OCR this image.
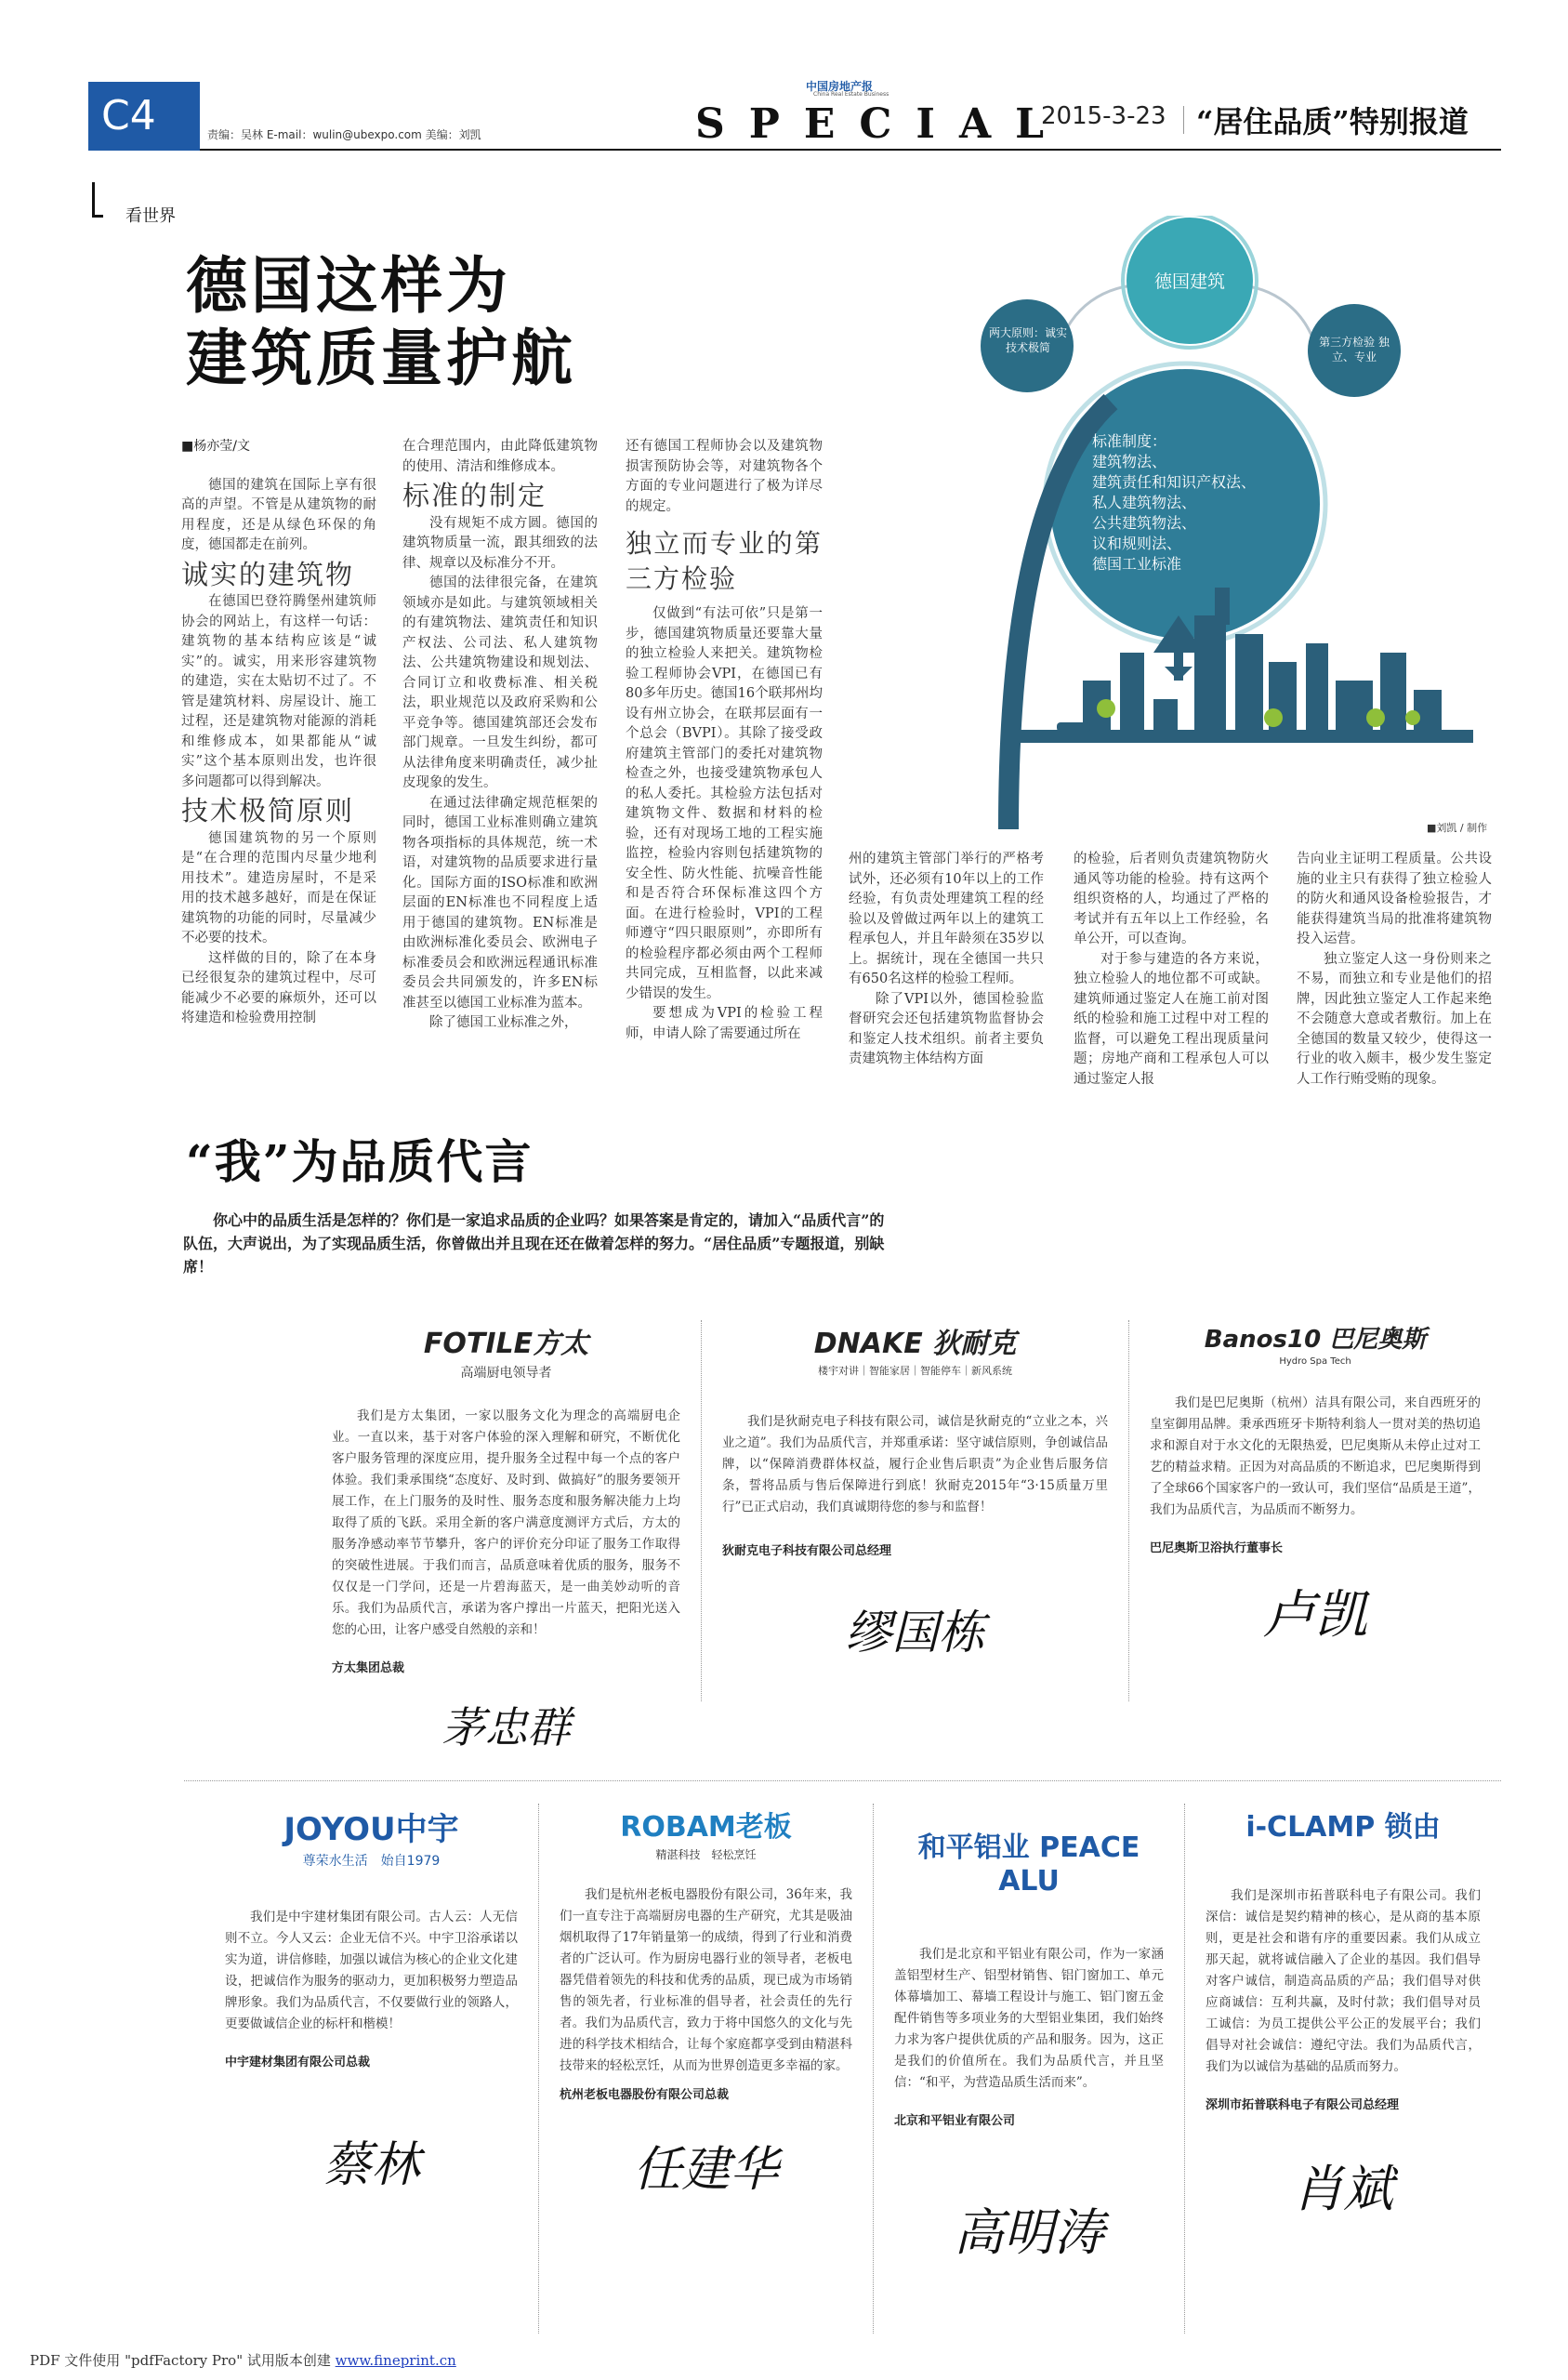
C4	责编：吴林 E-mail：wulin@ubexpo.com 美编：刘凯
中国房地产报
China Real Estate Business
SPECIAL
2015-3-23 “居住品质”特别报道
看世界
德国这样为
建筑质量护航
■杨亦莹/文

德国的建筑在国际上享有很高的声望。不管是从建筑物的耐用程度，还是从绿色环保的角度，德国都走在前列。

诚实的建筑物

在德国巴登符腾堡州建筑师协会的网站上，有这样一句话：建筑物的基本结构应该是“诚实”的。诚实，用来形容建筑物的建造，实在太贴切不过了。不管是建筑材料、房屋设计、施工过程，还是建筑物对能源的消耗和维修成本，如果都能从“诚实”这个基本原则出发，也许很多问题都可以得到解决。

技术极简原则

德国建筑物的另一个原则是“在合理的范围内尽量少地利用技术”。建造房屋时，不是采用的技术越多越好，而是在保证建筑物的功能的同时，尽量减少不必要的技术。

这样做的目的，除了在本身已经很复杂的建筑过程中，尽可能减少不必要的麻烦外，还可以将建造和检验费用控制

在合理范围内，由此降低建筑物的使用、清洁和维修成本。

标准的制定

没有规矩不成方圆。德国的建筑物质量一流，跟其细致的法律、规章以及标准分不开。

德国的法律很完备，在建筑领域亦是如此。与建筑领域相关的有建筑物法、建筑责任和知识产权法、公司法、私人建筑物法、公共建筑物建设和规划法、合同订立和收费标准、相关税法，职业规范以及政府采购和公平竞争等。德国建筑部还会发布部门规章。一旦发生纠纷，都可从法律角度来明确责任，减少扯皮现象的发生。

在通过法律确定规范框架的同时，德国工业标准则确立建筑物各项指标的具体规范，统一术语，对建筑物的品质要求进行量化。国际方面的ISO标准和欧洲层面的EN标准也不同程度上适用于德国的建筑物。EN标准是由欧洲标准化委员会、欧洲电子标准委员会和欧洲远程通讯标准委员会共同颁发的，许多EN标准甚至以德国工业标准为蓝本。

除了德国工业标准之外，

还有德国工程师协会以及建筑物损害预防协会等，对建筑物各个方面的专业问题进行了极为详尽的规定。

独立而专业的第三方检验

仅做到“有法可依”只是第一步，德国建筑物质量还要靠大量的独立检验人来把关。建筑物检验工程师协会VPI，在德国已有80多年历史。德国16个联邦州均设有州立协会，在联邦层面有一个总会（BVPI）。其除了接受政府建筑主管部门的委托对建筑物检查之外，也接受建筑物承包人的私人委托。其检验方法包括对建筑物文件、数据和材料的检验，还有对现场工地的工程实施监控，检验内容则包括建筑物的安全性、防火性能、抗噪音性能和是否符合环保标准这四个方面。在进行检验时，VPI的工程师遵守“四只眼原则”，亦即所有的检验程序都必须由两个工程师共同完成，互相监督，以此来减少错误的发生。

要想成为VPI的检验工程师，申请人除了需要通过所在

州的建筑主管部门举行的严格考试外，还必须有10年以上的工作经验，有负责处理建筑工程的经验以及曾做过两年以上的建筑工程承包人，并且年龄须在35岁以上。据统计，现在全德国一共只有650名这样的检验工程师。

除了VPI以外，德国检验监督研究会还包括建筑物监督协会和鉴定人技术组织。前者主要负责建筑物主体结构方面

的检验，后者则负责建筑物防火通风等功能的检验。持有这两个组织资格的人，均通过了严格的考试并有五年以上工作经验，名单公开，可以查询。

对于参与建造的各方来说，独立检验人的地位都不可或缺。建筑师通过鉴定人在施工前对图纸的检验和施工过程中对工程的监督，可以避免工程出现质量问题；房地产商和工程承包人可以通过鉴定人报

告向业主证明工程质量。公共设施的业主只有获得了独立检验人的防火和通风设备检验报告，才能获得建筑当局的批准将建筑物投入运营。

独立鉴定人这一身份则来之不易，而独立和专业是他们的招牌，因此独立鉴定人工作起来绝不会随意大意或者敷衍。加上在全德国的数量又较少，使得这一行业的收入颇丰，极少发生鉴定人工作行贿受贿的现象。

德国建筑
两大原则：诚实 技术极简	第三方检验 独立、专业
标准制度：
建筑物法、
建筑责任和知识产权法、
私人建筑物法、
公共建筑物法、
议和规则法、
德国工业标准
■刘凯 / 制作
“我”为品质代言
你心中的品质生活是怎样的？你们是一家追求品质的企业吗？如果答案是肯定的，请加入“品质代言”的队伍，大声说出，为了实现品质生活，你曾做出并且现在还在做着怎样的努力。“居住品质”专题报道，别缺席！
FOTILE方太
高端厨电领导者
我们是方太集团，一家以服务文化为理念的高端厨电企业。一直以来，基于对客户体验的深入理解和研究，不断优化客户服务管理的深度应用，提升服务全过程中每一个点的客户体验。我们秉承围绕“态度好、及时到、做搞好”的服务要领开展工作，在上门服务的及时性、服务态度和服务解决能力上均取得了质的飞跃。采用全新的客户满意度测评方式后，方太的服务净感动率节节攀升，客户的评价充分印证了服务工作取得的突破性进展。于我们而言，品质意味着优质的服务，服务不仅仅是一门学问，还是一片碧海蓝天，是一曲美妙动听的音乐。我们为品质代言，承诺为客户撑出一片蓝天，把阳光送入您的心田，让客户感受自然般的亲和！
方太集团总裁
茅忠群
DNAKE 狄耐克
楼宇对讲｜智能家居｜智能停车｜新风系统
我们是狄耐克电子科技有限公司，诚信是狄耐克的“立业之本，兴业之道”。我们为品质代言，并郑重承诺：坚守诚信原则，争创诚信品牌，以“保障消费群体权益，履行企业售后职责”为企业售后服务信条，誓将品质与售后保障进行到底！狄耐克2015年“3·15质量万里行”已正式启动，我们真诚期待您的参与和监督！
狄耐克电子科技有限公司总经理
缪国栋
Banos10 巴尼奥斯
Hydro Spa Tech
我们是巴尼奥斯（杭州）洁具有限公司，来自西班牙的皇室御用品牌。秉承西班牙卡斯特利翁人一贯对美的热切追求和源自对于水文化的无限热爱，巴尼奥斯从未停止过对工艺的精益求精。正因为对高品质的不断追求，巴尼奥斯得到了全球66个国家客户的一致认可，我们坚信“品质是王道”，我们为品质代言，为品质而不断努力。
巴尼奥斯卫浴执行董事长
卢凯
JOYOU中宇
尊荣水生活　始自1979
我们是中宇建材集团有限公司。古人云：人无信则不立。今人又云：企业无信不兴。中宇卫浴承诺以实为道，讲信修睦，加强以诚信为核心的企业文化建设，把诚信作为服务的驱动力，更加积极努力塑造品牌形象。我们为品质代言，不仅要做行业的领路人，更要做诚信企业的标杆和楷模！
中宇建材集团有限公司总裁
蔡林
ROBAM老板
精湛科技　轻松烹饪
我们是杭州老板电器股份有限公司，36年来，我们一直专注于高端厨房电器的生产研究，尤其是吸油烟机取得了17年销量第一的成绩，得到了行业和消费者的广泛认可。作为厨房电器行业的领导者，老板电器凭借着领先的科技和优秀的品质，现已成为市场销售的领先者，行业标准的倡导者，社会责任的先行者。我们为品质代言，致力于将中国悠久的文化与先进的科学技术相结合，让每个家庭都享受到由精湛科技带来的轻松烹饪，从而为世界创造更多幸福的家。
杭州老板电器股份有限公司总裁
任建华
和平铝业 PEACE ALU
我们是北京和平铝业有限公司，作为一家涵盖铝型材生产、铝型材销售、铝门窗加工、单元体幕墙加工、幕墙工程设计与施工、铝门窗五金配件销售等多项业务的大型铝业集团，我们始终力求为客户提供优质的产品和服务。因为，这正是我们的价值所在。我们为品质代言，并且坚信：“和平，为营造品质生活而来”。
北京和平铝业有限公司
高明涛
i-CLAMP 锁由
我们是深圳市拓普联科电子有限公司。我们深信：诚信是契约精神的核心，是从商的基本原则，更是社会和谐有序的重要因素。我们从成立那天起，就将诚信融入了企业的基因。我们倡导对客户诚信，制造高品质的产品；我们倡导对供应商诚信：互利共赢，及时付款；我们倡导对员工诚信：为员工提供公平公正的发展平台；我们倡导对社会诚信：遵纪守法。我们为品质代言，我们为以诚信为基础的品质而努力。
深圳市拓普联科电子有限公司总经理
肖斌
PDF 文件使用 "pdfFactory Pro" 试用版本创建 www.fineprint.cn
